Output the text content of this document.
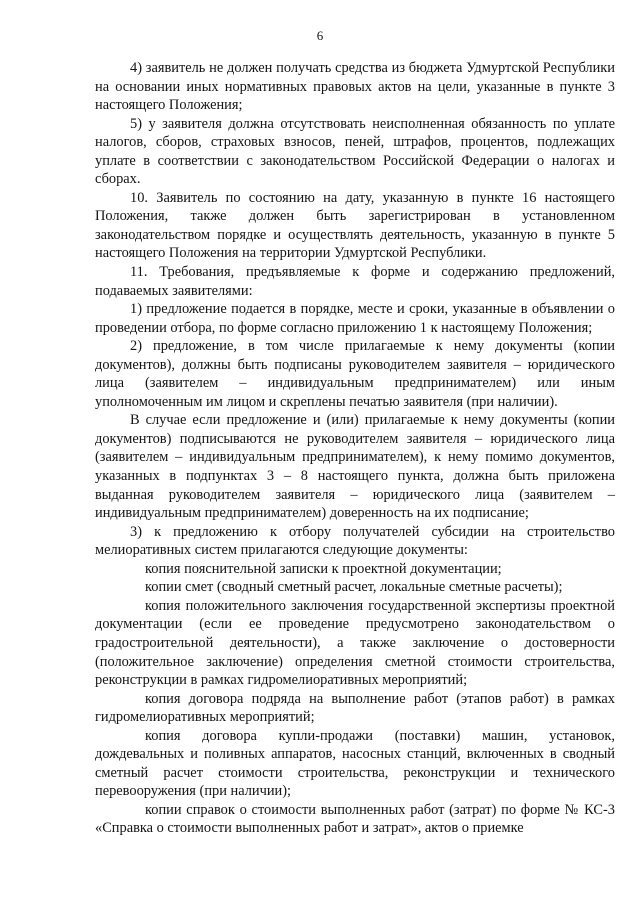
6

4) заявитель не должен получать средства из бюджета Удмуртской Республики на основании иных нормативных правовых актов на цели, указанные в пункте 3 настоящего Положения;

5) у заявителя должна отсутствовать неисполненная обязанность по уплате налогов, сборов, страховых взносов, пеней, штрафов, процентов, подлежащих уплате в соответствии с законодательством Российской Федерации о налогах и сборах.

10. Заявитель по состоянию на дату, указанную в пункте 16 настоящего Положения, также должен быть зарегистрирован в установленном законодательством порядке и осуществлять деятельность, указанную в пункте 5 настоящего Положения на территории Удмуртской Республики.

11. Требования, предъявляемые к форме и содержанию предложений, подаваемых заявителями:

1) предложение подается в порядке, месте и сроки, указанные в объявлении о проведении отбора, по форме согласно приложению 1 к настоящему Положения;

2) предложение, в том числе прилагаемые к нему документы (копии документов), должны быть подписаны руководителем заявителя – юридического лица (заявителем – индивидуальным предпринимателем) или иным уполномоченным им лицом и скреплены печатью заявителя (при наличии).

В случае если предложение и (или) прилагаемые к нему документы (копии документов) подписываются не руководителем заявителя – юридического лица (заявителем – индивидуальным предпринимателем), к нему помимо документов, указанных в подпунктах 3 – 8 настоящего пункта, должна быть приложена выданная руководителем заявителя – юридического лица (заявителем – индивидуальным предпринимателем) доверенность на их подписание;

3) к предложению к отбору получателей субсидии на строительство мелиоративных систем прилагаются следующие документы:

копия пояснительной записки к проектной документации;

копии смет (сводный сметный расчет, локальные сметные расчеты);

копия положительного заключения государственной экспертизы проектной документации (если ее проведение предусмотрено законодательством о градостроительной деятельности), а также заключение о достоверности (положительное заключение) определения сметной стоимости строительства, реконструкции в рамках гидромелиоративных мероприятий;

копия договора подряда на выполнение работ (этапов работ) в рамках гидромелиоративных мероприятий;

копия договора купли-продажи (поставки) машин, установок, дождевальных и поливных аппаратов, насосных станций, включенных в сводный сметный расчет стоимости строительства, реконструкции и технического перевооружения (при наличии);

копии справок о стоимости выполненных работ (затрат) по форме № КС-3 «Справка о стоимости выполненных работ и затрат», актов о приемке
